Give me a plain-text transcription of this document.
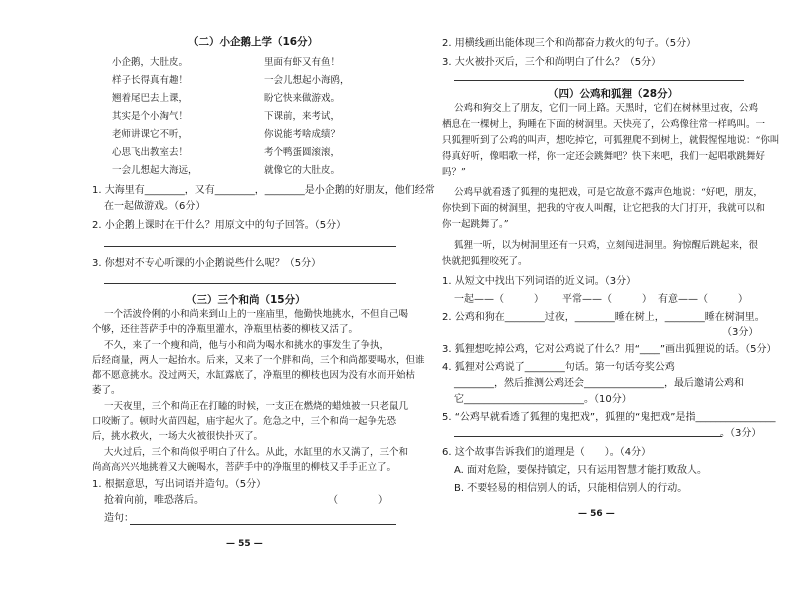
（二）小企鹅上学（16分）
小企鹅，大肚皮。
样子长得真有趣！
翘着尾巴去上课，
其实是个小淘气！
老师讲课它不听，
心思飞出教室去！
一会儿想起大海远，
里面有虾又有鱼！
一会儿想起小海鸥，
盼它快来做游戏。
下课前，来考试，
你说能考啥成绩？
考个鸭蛋圆滚滚，
就像它的大肚皮。
1. 大海里有________，又有________，________是小企鹅的好朋友，他们经常
在一起做游戏。（6分）
2. 小企鹅上课时在干什么？用原文中的句子回答。（5分）
3. 你想对不专心听课的小企鹅说些什么呢？（5分）
（三）三个和尚（15分）
一个活波伶俐的小和尚来到山上的一座庙里，他勤快地挑水，不但自己喝
个够，还往菩萨手中的净瓶里灌水，净瓶里枯萎的柳枝又活了。
不久，来了一个瘦和尚，他与小和尚为喝水和挑水的事发生了争执，
后经商量，两人一起抬水。后来，又来了一个胖和尚，三个和尚都要喝水，但谁
都不愿意挑水。没过两天，水缸露底了，净瓶里的柳枝也因为没有水而开始枯
萎了。
一天夜里，三个和尚正在打瞌的时候，一支正在燃烧的蜡烛被一只老鼠几
口咬断了。顿时火苗四起，庙宇起火了。危急之中，三个和尚一起争先恐
后，挑水救火，一场大火被很快扑灭了。
大火过后，三个和尚似乎明白了什么。从此，水缸里的水又满了，三个和
尚高高兴兴地挑着又大碗喝水，菩萨手中的净瓶里的柳枝又手手正立了。
1. 根据意思，写出词语并造句。（5分）
抢着向前，唯恐落后。	（　　　　）
造句：
— 55 —
2. 用横线画出能体现三个和尚都奋力救火的句子。（5分）
3. 大火被扑灭后，三个和尚明白了什么？（5分）
（四）公鸡和狐狸（28分）
公鸡和狗交上了朋友，它们一同上路。天黑时，它们在树林里过夜，公鸡
栖息在一棵树上，狗睡在下面的树洞里。天快亮了，公鸡像往常一样鸣叫。一
只狐狸听到了公鸡的叫声，想吃掉它，可狐狸爬不到树上，就假惺惺地说：“你叫
得真好听，像唱歌一样，你一定还会跳舞吧？快下来吧，我们一起唱歌跳舞好
吗？”
公鸡早就看透了狐狸的鬼把戏，可是它故意不露声色地说：“好吧，朋友，
你快到下面的树洞里，把我的守夜人叫醒，让它把我的大门打开，我就可以和
你一起跳舞了。”
狐狸一听，以为树洞里还有一只鸡，立刻闯进洞里。狗惊醒后跳起来，很
快就把狐狸咬死了。
1. 从短文中找出下列词语的近义词。（3分）
一起——（　　　） 平常——（　　　） 有意——（　　　）
2. 公鸡和狗在________过夜，________睡在树上，________睡在树洞里。
（3分）
3. 狐狸想吃掉公鸡，它对公鸡说了什么？用“____”画出狐狸说的话。（5分）
4. 狐狸对公鸡说了________句话。第一句话夸奖公鸡
________，然后推测公鸡还会________________，最后邀请公鸡和
它________________________。（10分）
5. “公鸡早就看透了狐狸的鬼把戏”，狐狸的“鬼把戏”是指________________
。（3分）
6. 这个故事告诉我们的道理是（　　）。（4分）
A. 面对危险，要保持镇定，只有运用智慧才能打败敌人。
B. 不要轻易的相信别人的话，只能相信别人的行动。
— 56 —
